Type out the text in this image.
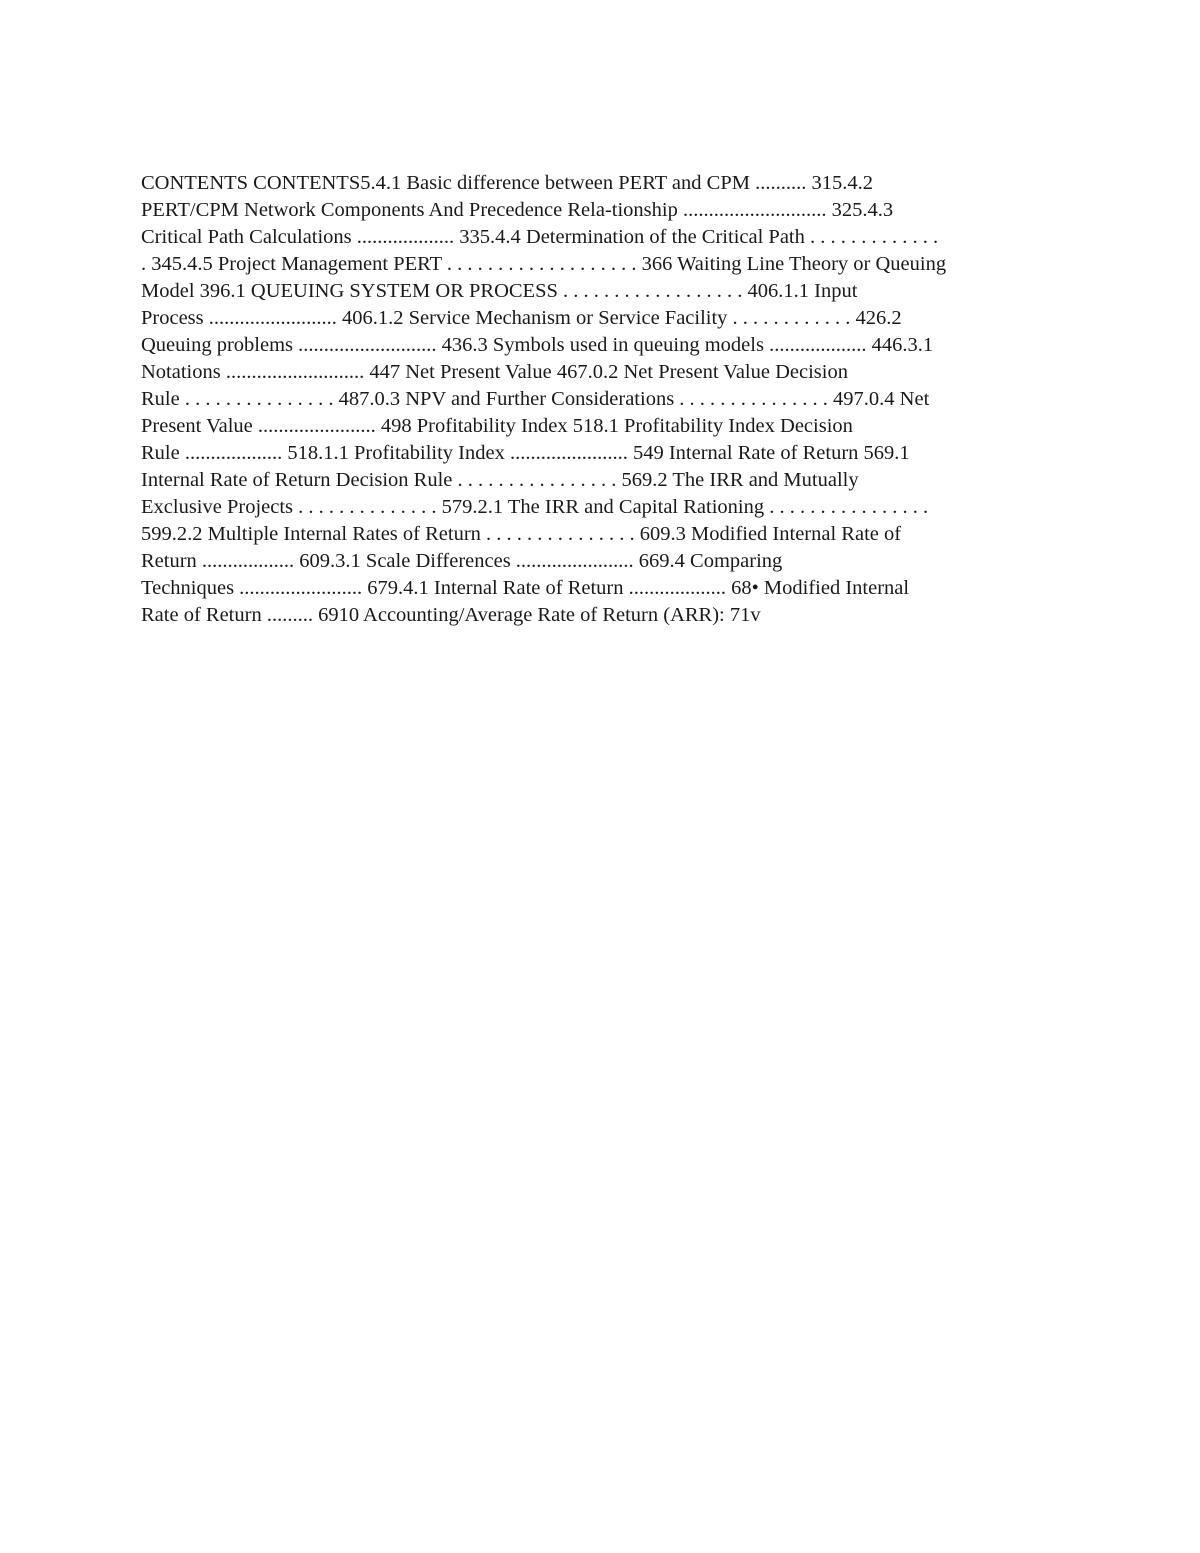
CONTENTS CONTENTS5.4.1 Basic difference between PERT and CPM .......... 315.4.2
PERT/CPM Network Components And Precedence Rela-tionship ............................ 325.4.3
Critical Path Calculations ................... 335.4.4 Determination of the Critical Path . . . . . . . . . . . . .
. 345.4.5 Project Management PERT . . . . . . . . . . . . . . . . . . . 366 Waiting Line Theory or Queuing
Model 396.1 QUEUING SYSTEM OR PROCESS . . . . . . . . . . . . . . . . . . 406.1.1 Input
Process ......................... 406.1.2 Service Mechanism or Service Facility . . . . . . . . . . . . 426.2
Queuing problems ........................... 436.3 Symbols used in queuing models ................... 446.3.1
Notations ........................... 447 Net Present Value 467.0.2 Net Present Value Decision
Rule . . . . . . . . . . . . . . . 487.0.3 NPV and Further Considerations . . . . . . . . . . . . . . . 497.0.4 Net
Present Value ....................... 498 Profitability Index 518.1 Profitability Index Decision
Rule ................... 518.1.1 Profitability Index ....................... 549 Internal Rate of Return 569.1
Internal Rate of Return Decision Rule . . . . . . . . . . . . . . . . 569.2 The IRR and Mutually
Exclusive Projects . . . . . . . . . . . . . . 579.2.1 The IRR and Capital Rationing . . . . . . . . . . . . . . . .
599.2.2 Multiple Internal Rates of Return . . . . . . . . . . . . . . . 609.3 Modified Internal Rate of
Return .................. 609.3.1 Scale Differences ....................... 669.4 Comparing
Techniques ........................ 679.4.1 Internal Rate of Return ................... 68• Modified Internal
Rate of Return ......... 6910 Accounting/Average Rate of Return (ARR): 71v
